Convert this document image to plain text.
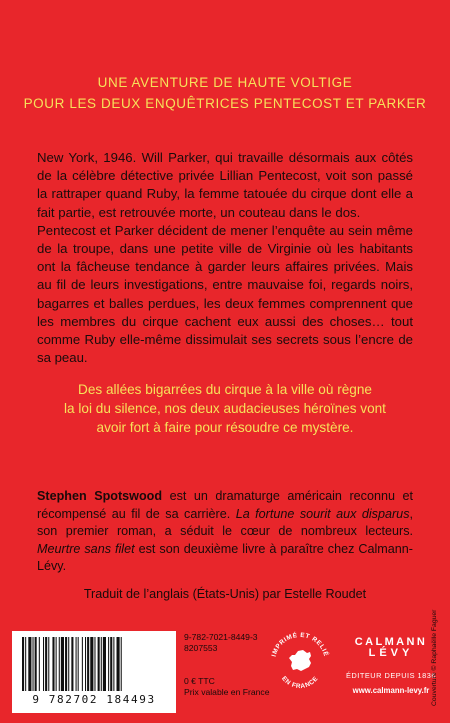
UNE AVENTURE DE HAUTE VOLTIGE
POUR LES DEUX ENQUÊTRICES PENTECOST ET PARKER

New York, 1946. Will Parker, qui travaille désormais aux côtés de la célèbre détective privée Lillian Pentecost, voit son passé la rattraper quand Ruby, la femme tatouée du cirque dont elle a fait partie, est retrouvée morte, un couteau dans le dos.

Pentecost et Parker décident de mener l’enquête au sein même de la troupe, dans une petite ville de Virginie où les habitants ont la fâcheuse tendance à garder leurs affaires privées. Mais au fil de leurs investigations, entre mauvaise foi, regards noirs, bagarres et balles perdues, les deux femmes comprennent que les membres du cirque cachent eux aussi des choses… tout comme Ruby elle-même dissimulait ses secrets sous l’encre de sa peau.

Des allées bigarrées du cirque à la ville où règne
la loi du silence, nos deux audacieuses héroïnes vont
avoir fort à faire pour résoudre ce mystère.
Stephen Spotswood est un dramaturge américain reconnu et récompensé au fil de sa carrière. La fortune sourit aux disparus, son premier roman, a séduit le cœur de nombreux lecteurs. Meurtre sans filet est son deuxième livre à paraître chez Calmann-Lévy.
Traduit de l’anglais (États-Unis) par Estelle Roudet
9 782702 184493
9-782-7021-8449-3
8207553
0 € TTC
Prix valable en France
IMPRIMÉ ET RELIÉ
EN FRANCE
CALMANN
LÉVY
ÉDITEUR DEPUIS 1836
www.calmann-levy.fr Couverture © Raphaëlle Faguer
